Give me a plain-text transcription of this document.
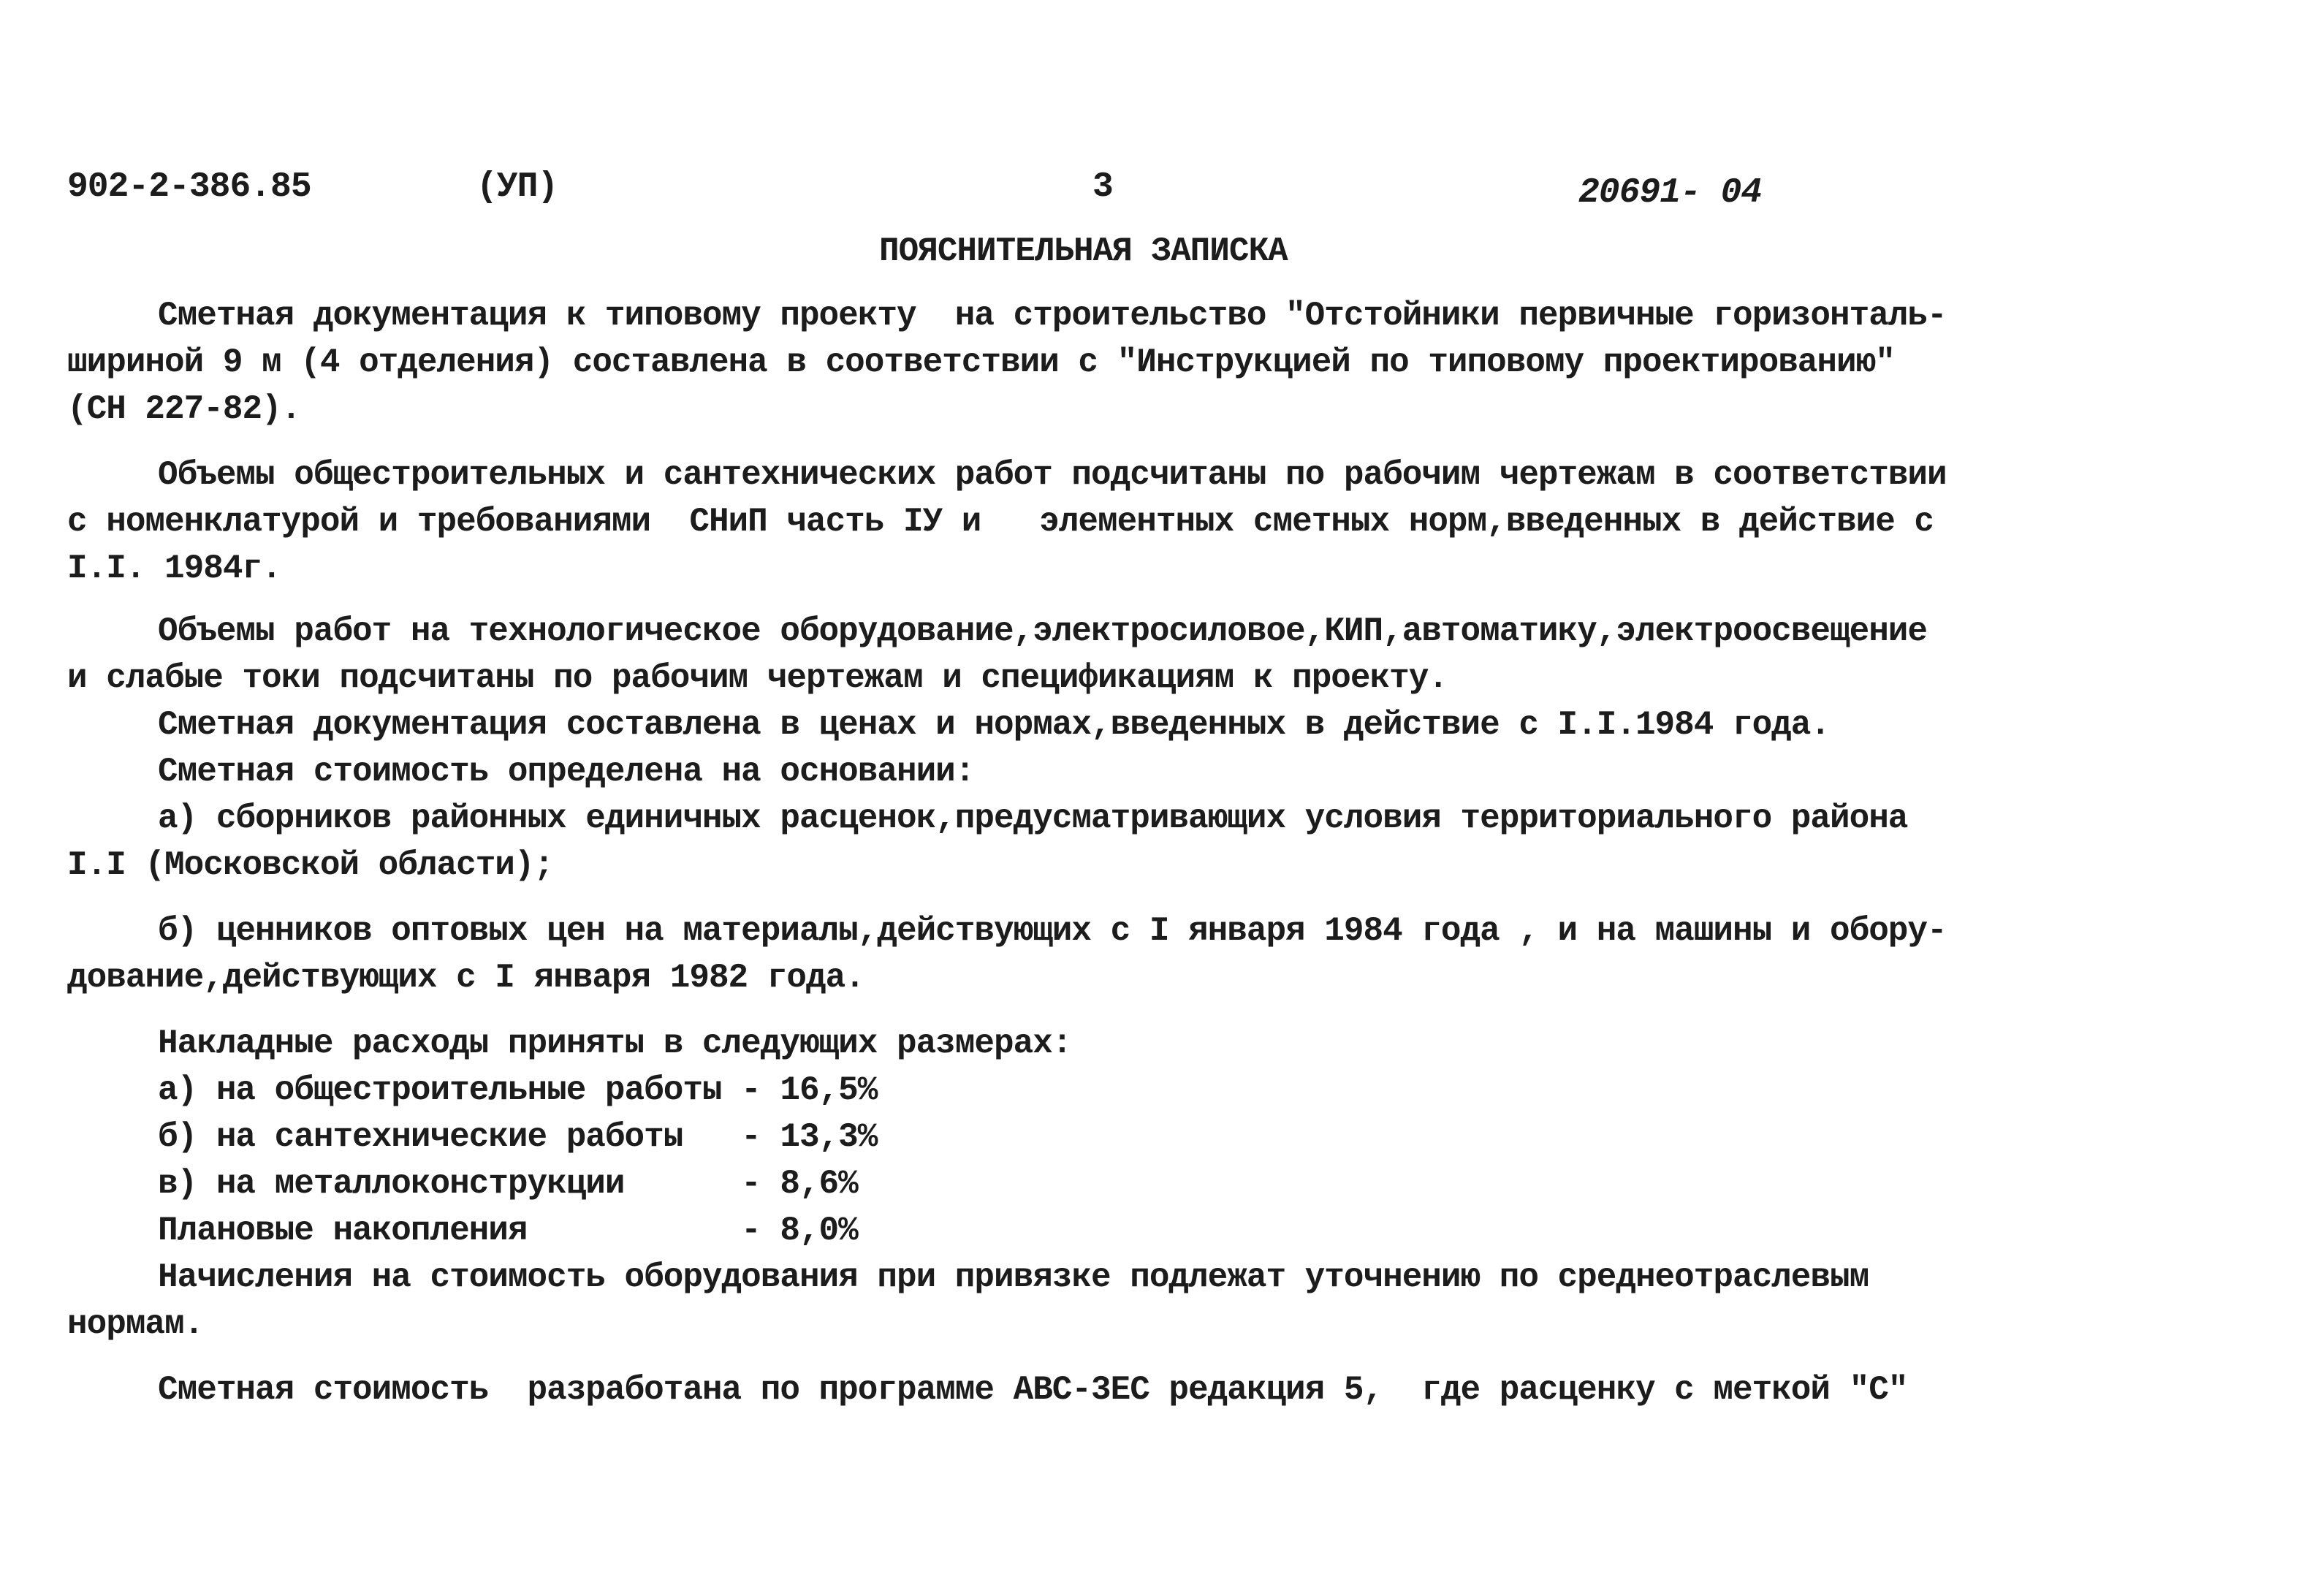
902-2-386.85	(УП)	3	20691- 04
ПОЯСНИТЕЛЬНАЯ ЗАПИСКА
Сметная документация к типовому проекту  на строительство "Отстойники первичные горизонталь-
шириной 9 м (4 отделения) составлена в соответствии с "Инструкцией по типовому проектированию"
(СН 227-82).
Объемы общестроительных и сантехнических работ подсчитаны по рабочим чертежам в соответствии
с номенклатурой и требованиями  СНиП часть IУ и   элементных сметных норм,введенных в действие с
I.I. 1984г.
Объемы работ на технологическое оборудование,электросиловое,КИП,автоматику,электроосвещение
и слабые токи подсчитаны по рабочим чертежам и спецификациям к проекту.
Сметная документация составлена в ценах и нормах,введенных в действие с I.I.1984 года.
Сметная стоимость определена на основании:
а) сборников районных единичных расценок,предусматривающих условия территориального района
I.I (Московской области);
б) ценников оптовых цен на материалы,действующих с I января 1984 года , и на машины и обору-
дование,действующих с I января 1982 года.
Накладные расходы приняты в следующих размерах:
а) на общестроительные работы - 16,5%
б) на сантехнические работы   - 13,3%
в) на металлоконструкции      - 8,6%
Плановые накопления           - 8,0%
Начисления на стоимость оборудования при привязке подлежат уточнению по среднеотраслевым
нормам.
Сметная стоимость  разработана по программе АВС-3ЕС редакция 5,  где расценку с меткой "С"
